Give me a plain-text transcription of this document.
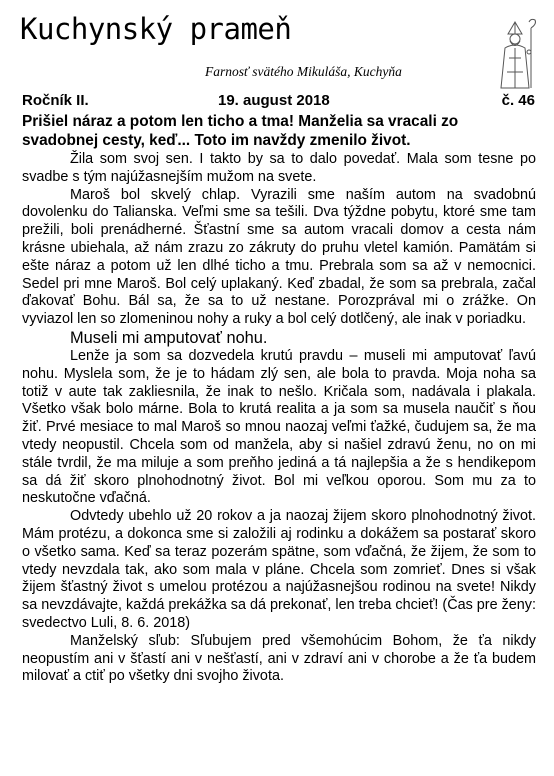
Kuchynský prameň
Farnosť svätého Mikuláša, Kuchyňa
Ročník II.	19. august 2018	č. 46
Prišiel náraz a potom len ticho a tma! Manželia sa vracali zo svadobnej cesty, keď... Toto im navždy zmenilo život.

Žila som svoj sen. I takto by sa to dalo povedať. Mala som tesne po svadbe s tým najúžasnejším mužom na svete.

Maroš bol skvelý chlap. Vyrazili sme naším autom na svadobnú dovolenku do Talianska. Veľmi sme sa tešili. Dva týždne pobytu, ktoré sme tam prežili, boli prenádherné. Šťastní sme sa autom vracali domov a cesta nám krásne ubiehala, až nám zrazu zo zákruty do pruhu vletel kamión. Pamätám si ešte náraz a potom už len dlhé ticho a tmu. Prebrala som sa až v nemocnici. Sedel pri mne Maroš. Bol celý uplakaný. Keď zbadal, že som sa prebrala, začal ďakovať Bohu. Bál sa, že sa to už nestane. Porozprával mi o zrážke. On vyviazol len so zlomeninou nohy a ruky a bol celý dotlčený, ale inak v poriadku.

Museli mi amputovať nohu.

Lenže ja som sa dozvedela krutú pravdu – museli mi amputovať ľavú nohu. Myslela som, že je to hádam zlý sen, ale bola to pravda. Moja noha sa totiž v aute tak zakliesnila, že inak to nešlo. Kričala som, nadávala i plakala. Všetko však bolo márne. Bola to krutá realita a ja som sa musela naučiť s ňou žiť. Prvé mesiace to mal Maroš so mnou naozaj veľmi ťažké, čudujem sa, že ma vtedy neopustil. Chcela som od manžela, aby si našiel zdravú ženu, no on mi stále tvrdil, že ma miluje a som preňho jediná a tá najlepšia a že s hendikepom sa dá žiť skoro plnohodnotný život. Bol mi veľkou oporou. Som mu za to neskutočne vďačná.

Odvtedy ubehlo už 20 rokov a ja naozaj žijem skoro plnohodnotný život. Mám protézu, a dokonca sme si založili aj rodinku a dokážem sa postarať skoro o všetko sama. Keď sa teraz pozerám spätne, som vďačná, že žijem, že som to vtedy nevzdala tak, ako som mala v pláne. Chcela som zomrieť. Dnes si však žijem šťastný život s umelou protézou a najúžasnejšou rodinou na svete! Nikdy sa nevzdávajte, každá prekážka sa dá prekonať, len treba chcieť! (Čas pre ženy: svedectvo Luli, 8. 6. 2018)

Manželský sľub: Sľubujem pred všemohúcim Bohom, že ťa nikdy neopustím ani v šťastí ani v nešťastí, ani v zdraví ani v chorobe a že ťa budem milovať a ctiť po všetky dni svojho života.
